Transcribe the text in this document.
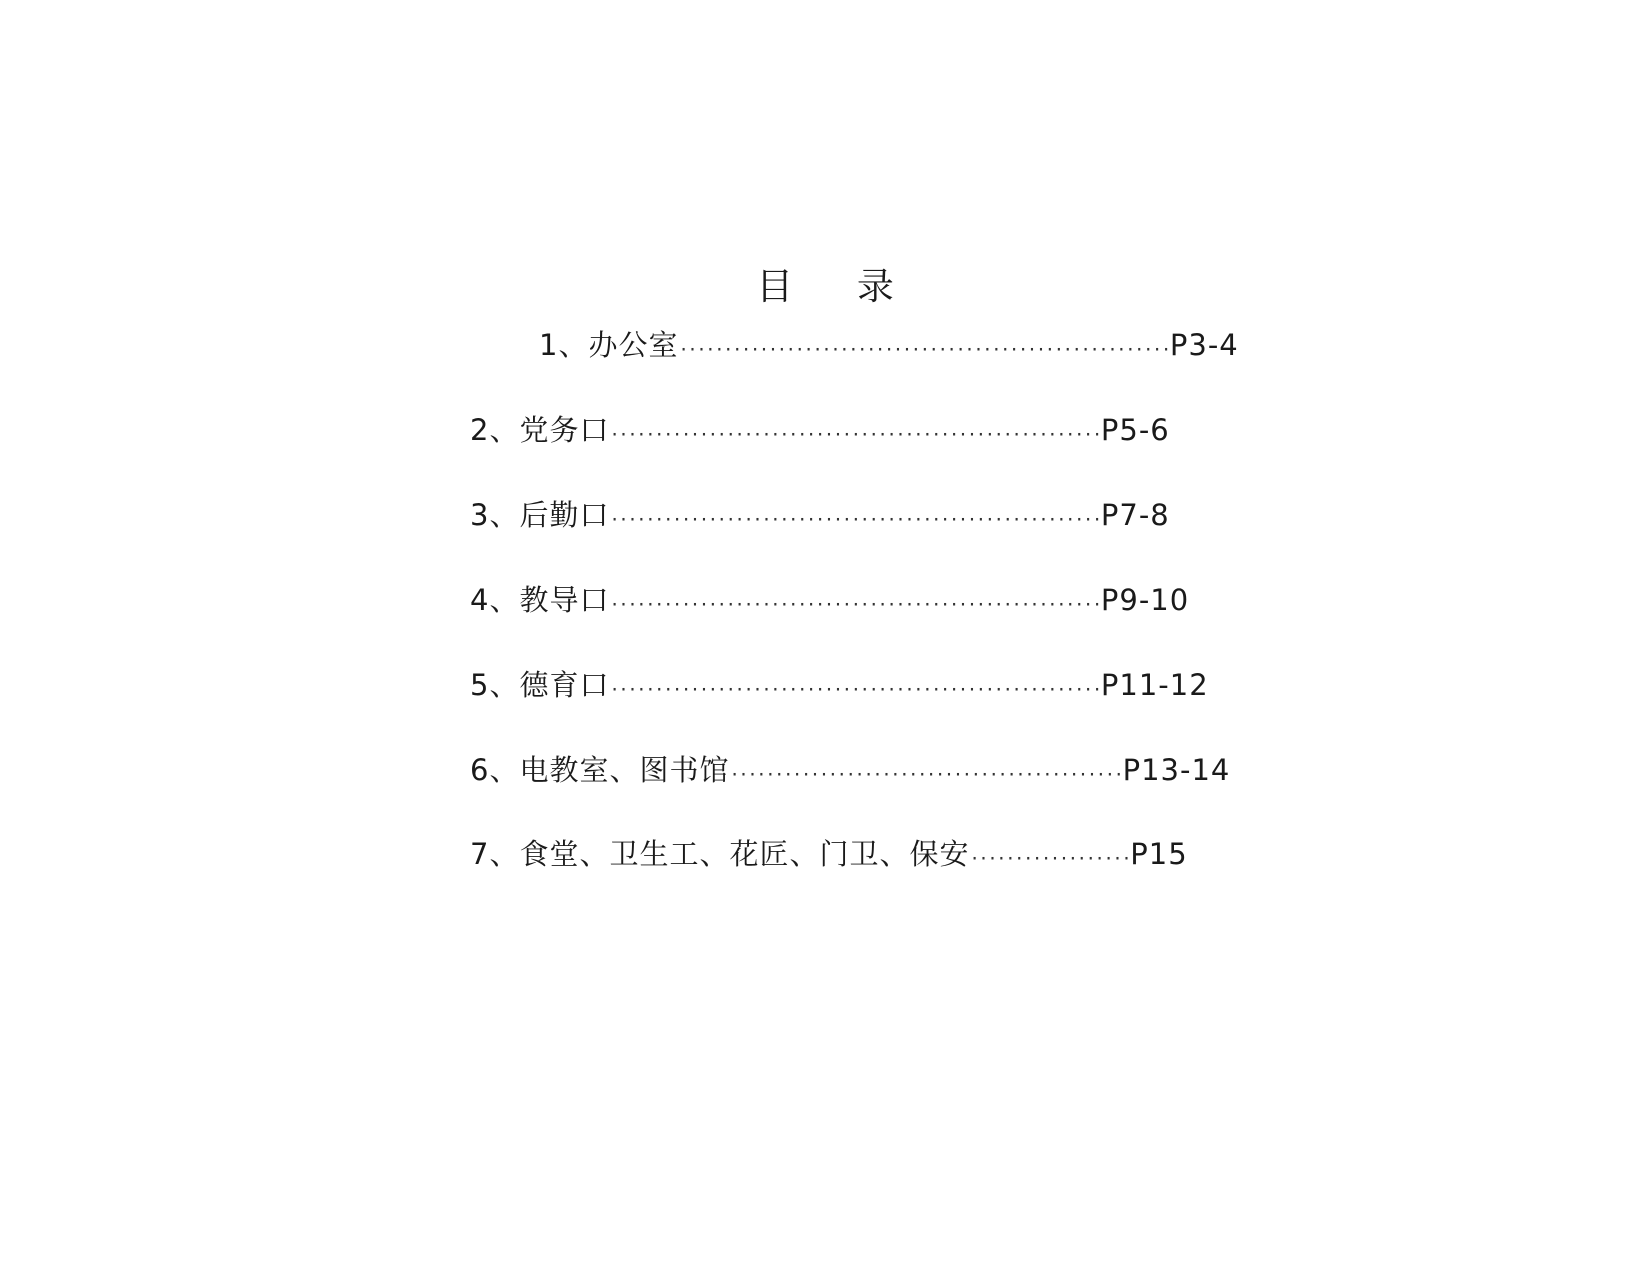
目 录
1、办公室·······················································P3-4
2、党务口·······················································P5-6
3、后勤口·······················································P7-8
4、教导口·······················································P9-10
5、德育口·······················································P11-12
6、电教室、图书馆············································P13-14
7、食堂、卫生工、花匠、门卫、保安··················P15
